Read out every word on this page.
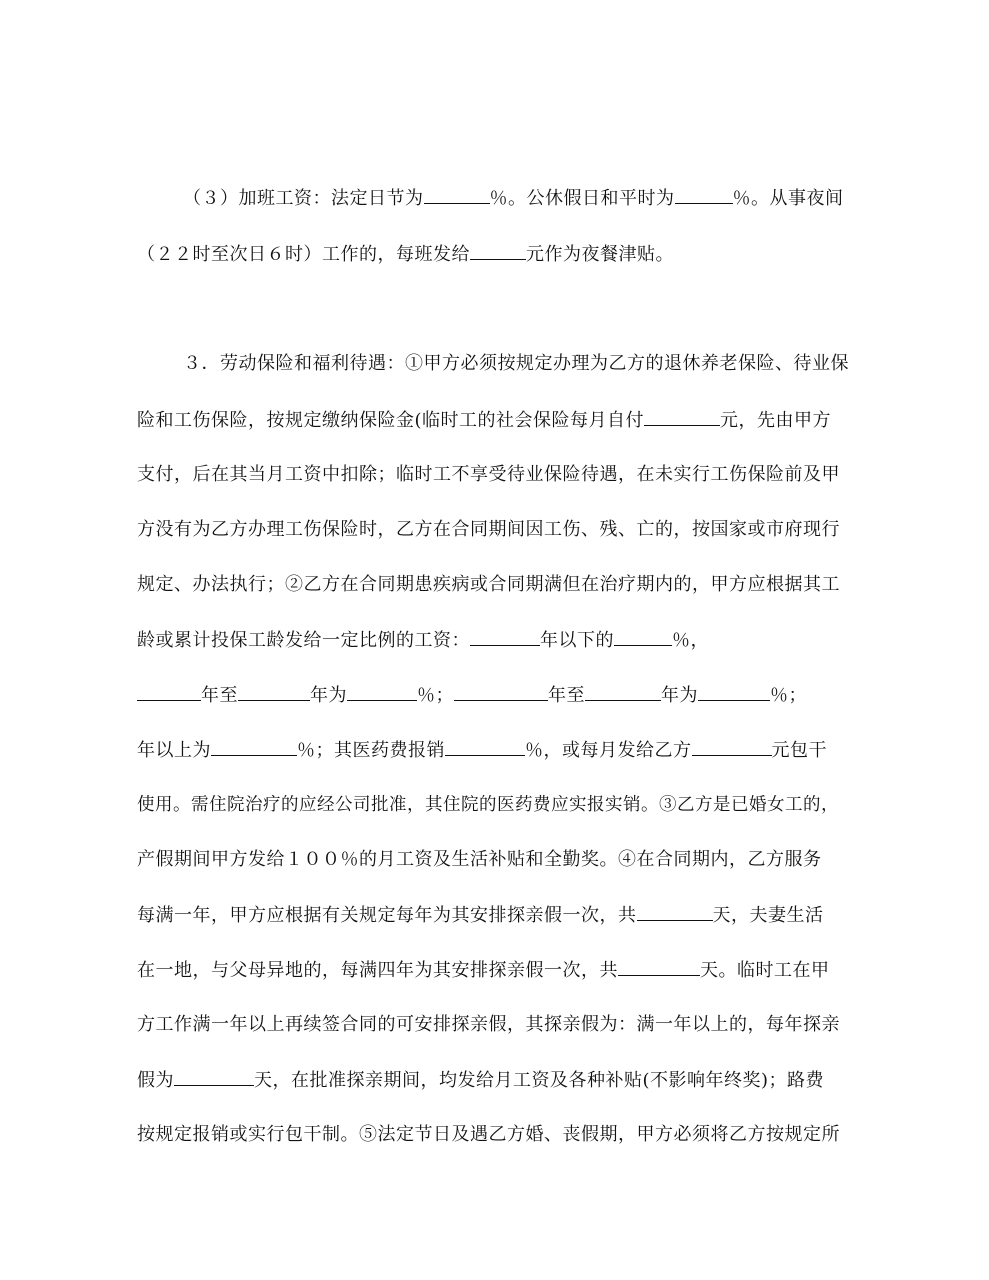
（３）加班工资：法定日节为	％。公休假日和平时为	％。从事夜间
（２２时至次日６时）工作的，每班发给	元作为夜餐津贴。
３．劳动保险和福利待遇：①甲方必须按规定办理为乙方的退休养老保险、待业保
险和工伤保险，按规定缴纳保险金(临时工的社会保险每月自付	元，先由甲方
支付，后在其当月工资中扣除；临时工不享受待业保险待遇，在未实行工伤保险前及甲
方没有为乙方办理工伤保险时，乙方在合同期间因工伤、残、亡的，按国家或市府现行
规定、办法执行；②乙方在合同期患疾病或合同期满但在治疗期内的，甲方应根据其工
龄或累计投保工龄发给一定比例的工资：	年以下的	％，
年至	年为	％；	年至	年为	％；
年以上为	％；其医药费报销	％，或每月发给乙方	元包干
使用。需住院治疗的应经公司批准，其住院的医药费应实报实销。③乙方是已婚女工的，
产假期间甲方发给１００％的月工资及生活补贴和全勤奖。④在合同期内，乙方服务
每满一年，甲方应根据有关规定每年为其安排探亲假一次，共	天，夫妻生活
在一地，与父母异地的，每满四年为其安排探亲假一次，共	天。临时工在甲
方工作满一年以上再续签合同的可安排探亲假，其探亲假为：满一年以上的，每年探亲
假为	天，在批准探亲期间，均发给月工资及各种补贴(不影响年终奖)；路费
按规定报销或实行包干制。⑤法定节日及遇乙方婚、丧假期，甲方必须将乙方按规定所
